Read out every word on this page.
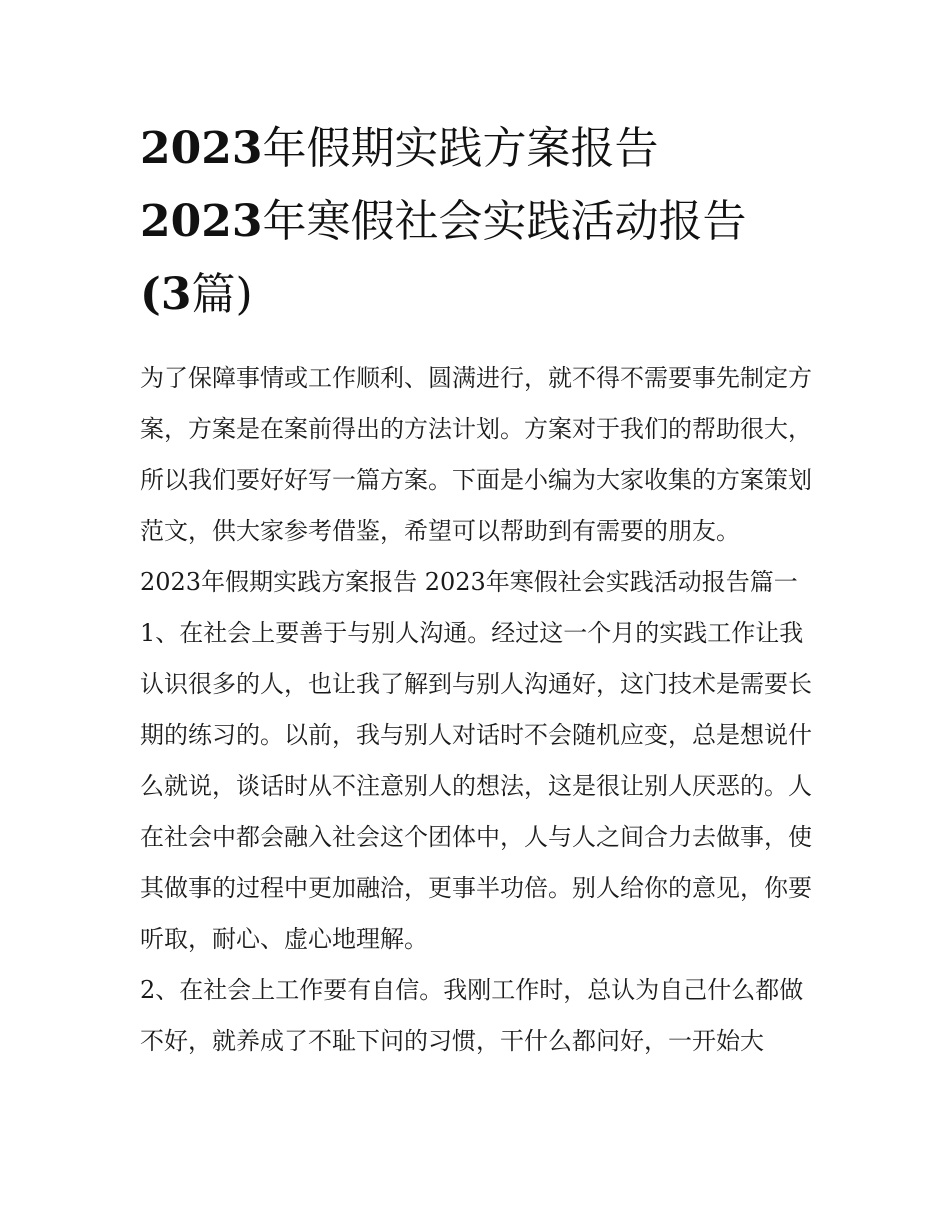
2023年假期实践方案报告
2023年寒假社会实践活动报告
(3篇)

为了保障事情或工作顺利、圆满进行，就不得不需要事先制定方案，方案是在案前得出的方法计划。方案对于我们的帮助很大，所以我们要好好写一篇方案。下面是小编为大家收集的方案策划范文，供大家参考借鉴，希望可以帮助到有需要的朋友。

2023年假期实践方案报告 2023年寒假社会实践活动报告篇一

1、在社会上要善于与别人沟通。经过这一个月的实践工作让我认识很多的人，也让我了解到与别人沟通好，这门技术是需要长期的练习的。以前，我与别人对话时不会随机应变，总是想说什么就说，谈话时从不注意别人的想法，这是很让别人厌恶的。人在社会中都会融入社会这个团体中，人与人之间合力去做事，使其做事的过程中更加融洽，更事半功倍。别人给你的意见，你要听取，耐心、虚心地理解。

2、在社会上工作要有自信。我刚工作时，总认为自己什么都做不好，就养成了不耻下问的习惯，干什么都问好，一开始大
